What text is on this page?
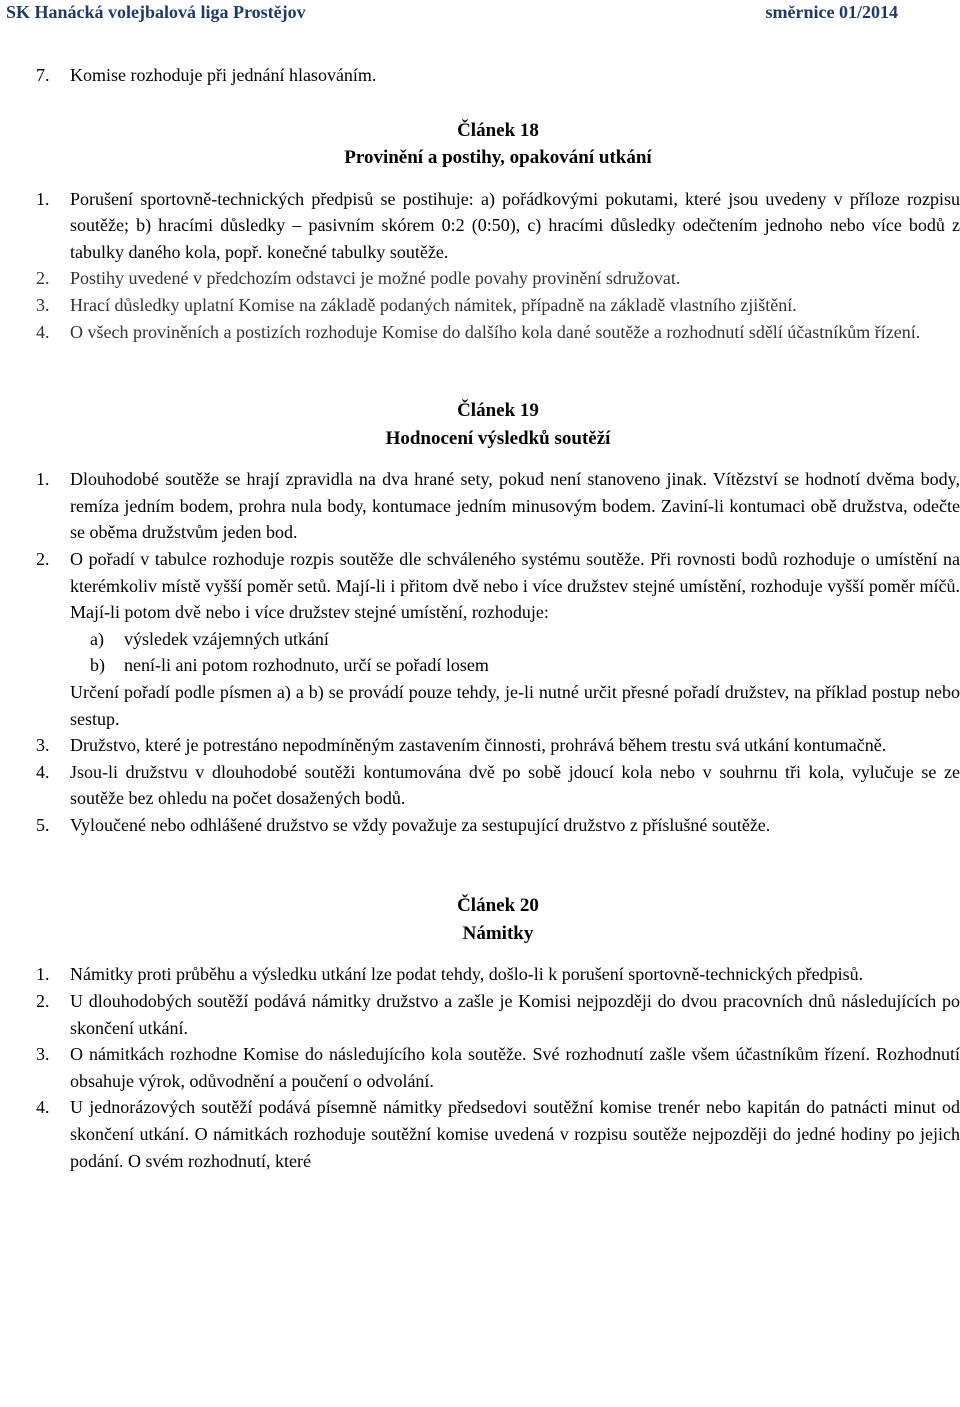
SK Hanácká volejbalová liga Prostějov	směrnice 01/2014
7. Komise rozhoduje při jednání hlasováním.
Článek 18
Provinění a postihy, opakování utkání
1. Porušení sportovně-technických předpisů se postihuje: a) pořádkovými pokutami, které jsou uvedeny v příloze rozpisu soutěže; b) hracími důsledky – pasivním skórem 0:2 (0:50), c) hracími důsledky odečtením jednoho nebo více bodů z tabulky daného kola, popř. konečné tabulky soutěže.
2. Postihy uvedené v předchozím odstavci je možné podle povahy provinění sdružovat.
3. Hrací důsledky uplatní Komise na základě podaných námitek, případně na základě vlastního zjištění.
4. O všech proviněních a postizích rozhoduje Komise do dalšího kola dané soutěže a rozhodnutí sdělí účastníkům řízení.
Článek 19
Hodnocení výsledků soutěží
1. Dlouhodobé soutěže se hrají zpravidla na dva hrané sety, pokud není stanoveno jinak. Vítězství se hodnotí dvěma body, remíza jedním bodem, prohra nula body, kontumace jedním minusovým bodem. Zaviní-li kontumaci obě družstva, odečte se oběma družstvům jeden bod.
2. O pořadí v tabulce rozhoduje rozpis soutěže dle schváleného systému soutěže. Při rovnosti bodů rozhoduje o umístění na kterémkoliv místě vyšší poměr setů. Mají-li i přitom dvě nebo i více družstev stejné umístění, rozhoduje vyšší poměr míčů. Mají-li potom dvě nebo i více družstev stejné umístění, rozhoduje:
a) výsledek vzájemných utkání
b) není-li ani potom rozhodnuto, určí se pořadí losem
Určení pořadí podle písmen a) a b) se provádí pouze tehdy, je-li nutné určit přesné pořadí družstev, na příklad postup nebo sestup.
3. Družstvo, které je potrestáno nepodmíněným zastavením činnosti, prohrává během trestu svá utkání kontumačně.
4. Jsou-li družstvu v dlouhodobé soutěži kontumována dvě po sobě jdoucí kola nebo v souhrnu tři kola, vylučuje se ze soutěže bez ohledu na počet dosažených bodů.
5. Vyloučené nebo odhlášené družstvo se vždy považuje za sestupující družstvo z příslušné soutěže.
Článek 20
Námitky
1. Námitky proti průběhu a výsledku utkání lze podat tehdy, došlo-li k porušení sportovně-technických předpisů.
2. U dlouhodobých soutěží podává námitky družstvo a zašle je Komisi nejpozději do dvou pracovních dnů následujících po skončení utkání.
3. O námitkách rozhodne Komise do následujícího kola soutěže. Své rozhodnutí zašle všem účastníkům řízení. Rozhodnutí obsahuje výrok, odůvodnění a poučení o odvolání.
4. U jednorázových soutěží podává písemně námitky předsedovi soutěžní komise trenér nebo kapitán do patnácti minut od skončení utkání. O námitkách rozhoduje soutěžní komise uvedená v rozpisu soutěže nejpozději do jedné hodiny po jejich podání. O svém rozhodnutí, které
